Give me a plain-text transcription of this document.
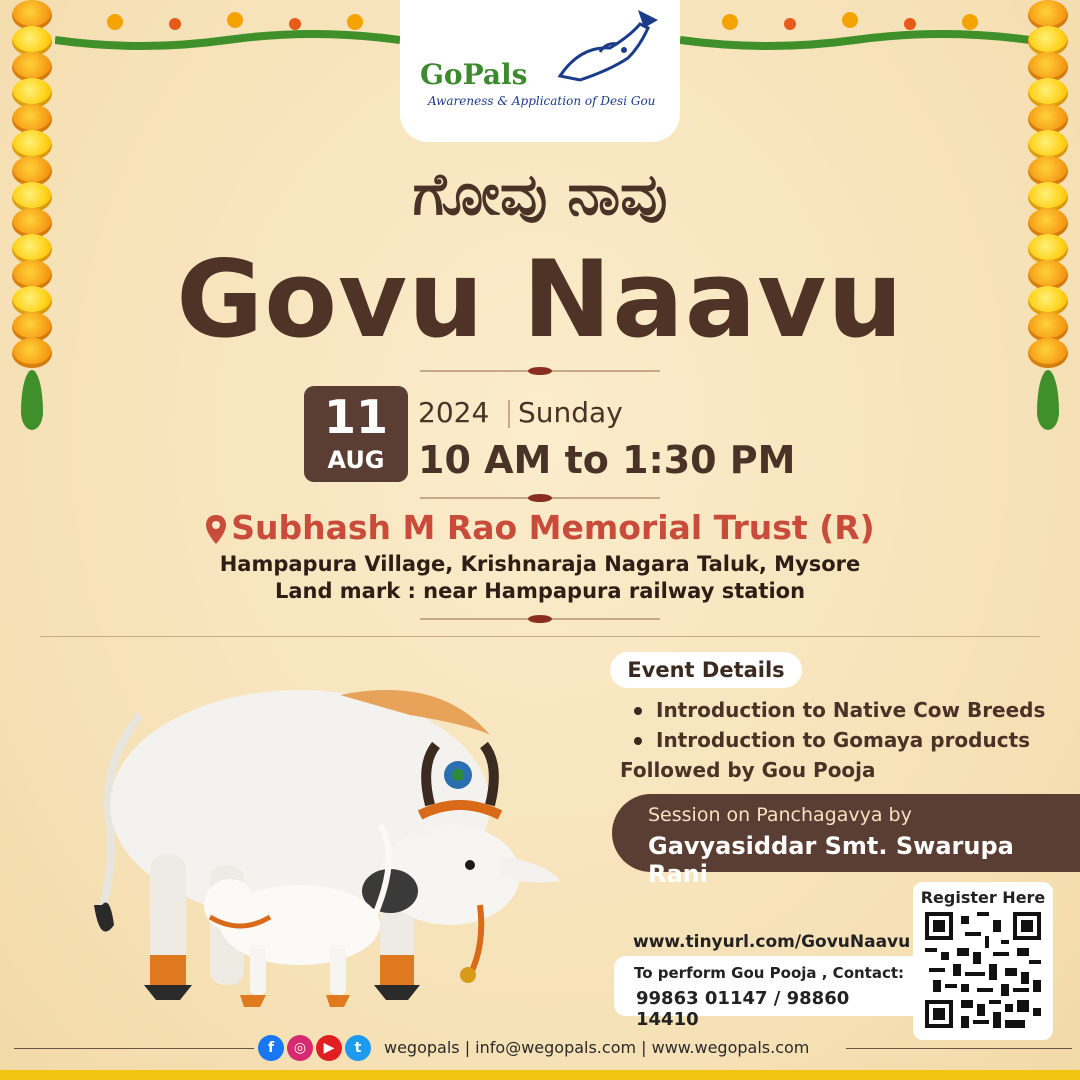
GoPals
Awareness & Application of Desi Gou
ಗೋವು ನಾವು
Govu Naavu
11
AUG
2024 Sunday
10 AM to 1:30 PM
Subhash M Rao Memorial Trust (R)
Hampapura Village, Krishnaraja Nagara Taluk, Mysore
Land mark : near Hampapura railway station
Event Details
Introduction to Native Cow Breeds
Introduction to Gomaya products
Followed by Gou Pooja
Session on Panchagavya by
Gavyasiddar Smt. Swarupa Rani
www.tinyurl.com/GovuNaavu
To perform Gou Pooja , Contact:
99863 01147 / 98860 14410
Register Here
f	◎	▶	t	wegopals | info@wegopals.com | www.wegopals.com
